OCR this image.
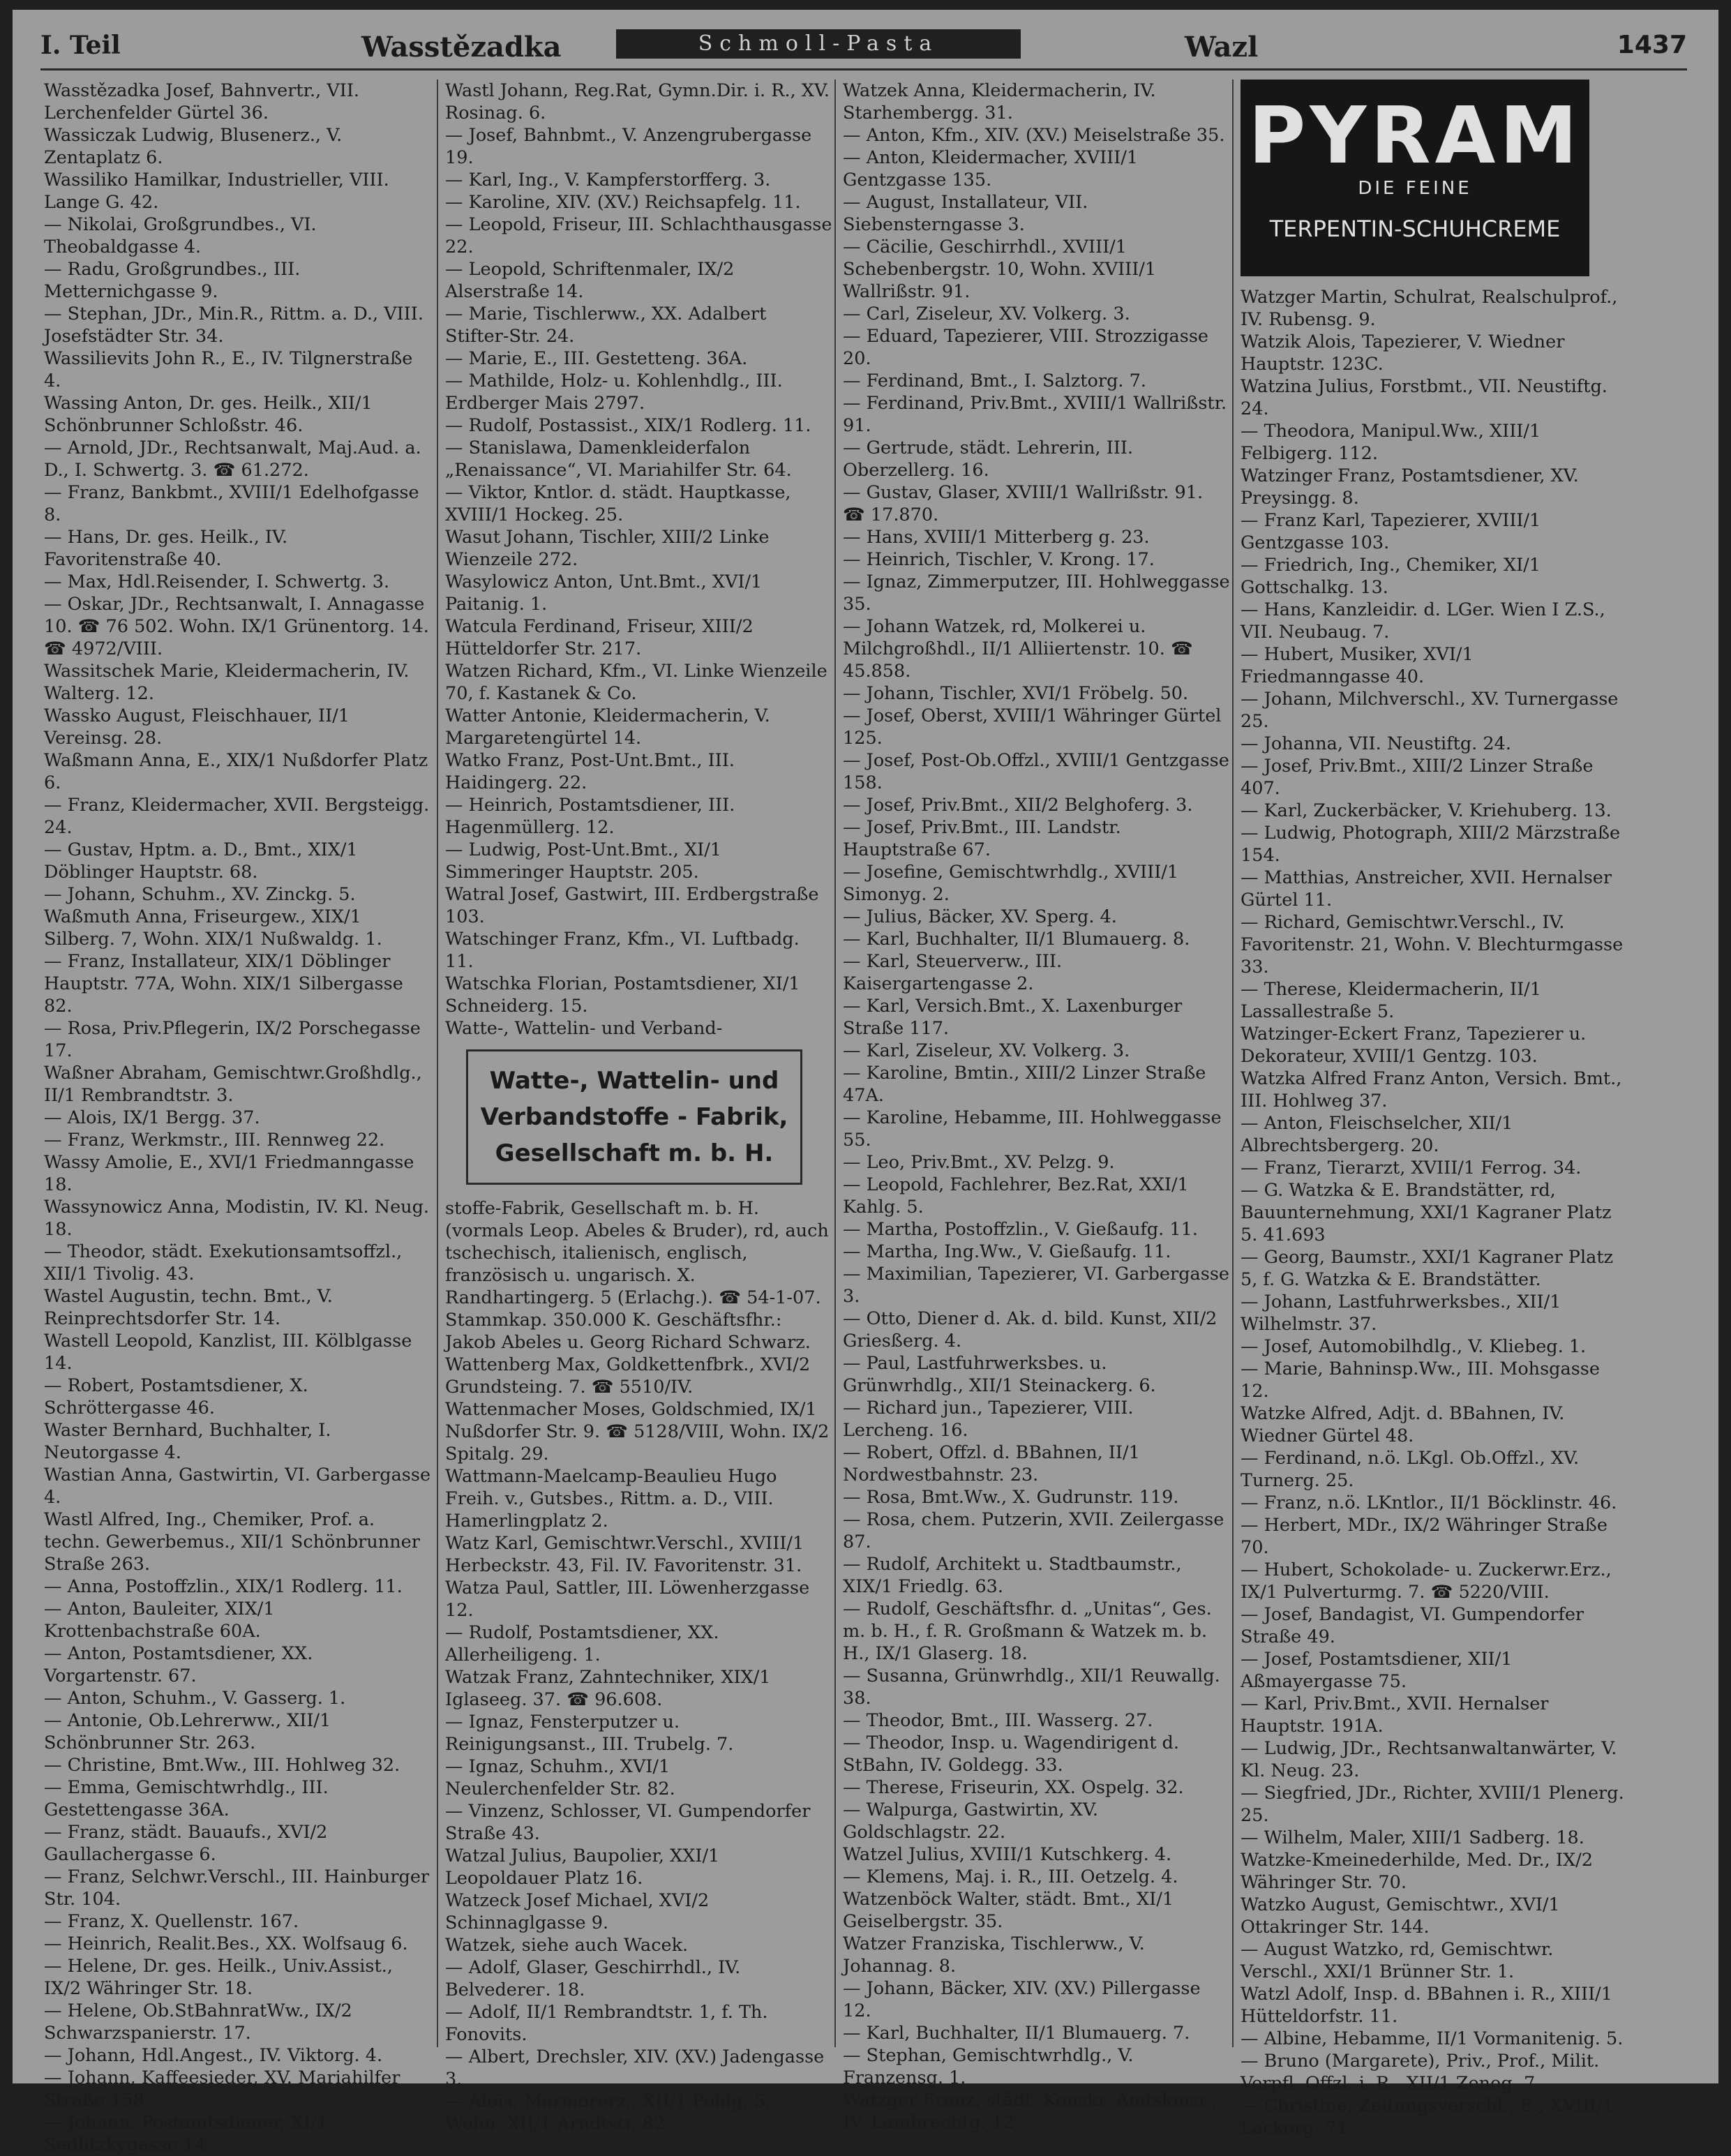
I. Teil	Wasstězadka	Schmoll-Pasta	Wazl	1437
Wasstězadka Josef, Bahnvertr., VII. Lerchenfelder Gürtel 36.
Wassiczak Ludwig, Blusenerz., V. Zentaplatz 6.
Wassiliko Hamilkar, Industrieller, VIII. Lange G. 42.
— Nikolai, Großgrundbes., VI. Theobaldgasse 4.
— Radu, Großgrundbes., III. Metternichgasse 9.
— Stephan, JDr., Min.R., Rittm. a. D., VIII. Josefstädter Str. 34.
Wassilievits John R., E., IV. Tilgnerstraße 4.
Wassing Anton, Dr. ges. Heilk., XII/1 Schönbrunner Schloßstr. 46.
— Arnold, JDr., Rechtsanwalt, Maj.Aud. a. D., I. Schwertg. 3. ☎ 61.272.
— Franz, Bankbmt., XVIII/1 Edelhofgasse 8.
— Hans, Dr. ges. Heilk., IV. Favoritenstraße 40.
— Max, Hdl.Reisender, I. Schwertg. 3.
— Oskar, JDr., Rechtsanwalt, I. Annagasse 10. ☎ 76 502. Wohn. IX/1 Grünentorg. 14. ☎ 4972/VIII.
Wassitschek Marie, Kleidermacherin, IV. Walterg. 12.
Wassko August, Fleischhauer, II/1 Vereinsg. 28.
Waßmann Anna, E., XIX/1 Nußdorfer Platz 6.
— Franz, Kleidermacher, XVII. Bergsteigg. 24.
— Gustav, Hptm. a. D., Bmt., XIX/1 Döblinger Hauptstr. 68.
— Johann, Schuhm., XV. Zinckg. 5.
Waßmuth Anna, Friseurgew., XIX/1 Silberg. 7, Wohn. XIX/1 Nußwaldg. 1.
— Franz, Installateur, XIX/1 Döblinger Hauptstr. 77A, Wohn. XIX/1 Silbergasse 82.
— Rosa, Priv.Pflegerin, IX/2 Porschegasse 17.
Waßner Abraham, Gemischtwr.Großhdlg., II/1 Rembrandtstr. 3.
— Alois, IX/1 Bergg. 37.
— Franz, Werkmstr., III. Rennweg 22.
Wassy Amolie, E., XVI/1 Friedmanngasse 18.
Wassynowicz Anna, Modistin, IV. Kl. Neug. 18.
— Theodor, städt. Exekutionsamtsoffzl., XII/1 Tivolig. 43.
Wastel Augustin, techn. Bmt., V. Reinprechtsdorfer Str. 14.
Wastell Leopold, Kanzlist, III. Kölblgasse 14.
— Robert, Postamtsdiener, X. Schröttergasse 46.
Waster Bernhard, Buchhalter, I. Neutorgasse 4.
Wastian Anna, Gastwirtin, VI. Garbergasse 4.
Wastl Alfred, Ing., Chemiker, Prof. a. techn. Gewerbemus., XII/1 Schönbrunner Straße 263.
— Anna, Postoffzlin., XIX/1 Rodlerg. 11.
— Anton, Bauleiter, XIX/1 Krottenbachstraße 60A.
— Anton, Postamtsdiener, XX. Vorgartenstr. 67.
— Anton, Schuhm., V. Gasserg. 1.
— Antonie, Ob.Lehrerww., XII/1 Schönbrunner Str. 263.
— Christine, Bmt.Ww., III. Hohlweg 32.
— Emma, Gemischtwrhdlg., III. Gestettengasse 36A.
— Franz, städt. Bauaufs., XVI/2 Gaullachergasse 6.
— Franz, Selchwr.Verschl., III. Hainburger Str. 104.
— Franz, X. Quellenstr. 167.
— Heinrich, Realit.Bes., XX. Wolfsaug 6.
— Helene, Dr. ges. Heilk., Univ.Assist., IX/2 Währinger Str. 18.
— Helene, Ob.StBahnratWw., IX/2 Schwarzspanierstr. 17.
— Johann, Hdl.Angest., IV. Viktorg. 4.
— Johann, Kaffeesieder, XV. Mariahilfer Straße 158.
— Johann, Postamtsdiener, XI/1 Sedlitzkygasse 14.
Wastl Johann, Reg.Rat, Gymn.Dir. i. R., XV. Rosinag. 6.
— Josef, Bahnbmt., V. Anzengrubergasse 19.
— Karl, Ing., V. Kampferstorfferg. 3.
— Karoline, XIV. (XV.) Reichsapfelg. 11.
— Leopold, Friseur, III. Schlachthausgasse 22.
— Leopold, Schriftenmaler, IX/2 Alserstraße 14.
— Marie, Tischlerww., XX. Adalbert Stifter-Str. 24.
— Marie, E., III. Gestetteng. 36A.
— Mathilde, Holz- u. Kohlenhdlg., III. Erdberger Mais 2797.
— Rudolf, Postassist., XIX/1 Rodlerg. 11.
— Stanislawa, Damenkleiderfalon „Renaissance“, VI. Mariahilfer Str. 64.
— Viktor, Kntlor. d. städt. Hauptkasse, XVIII/1 Hockeg. 25.
Wasut Johann, Tischler, XIII/2 Linke Wienzeile 272.
Wasylowicz Anton, Unt.Bmt., XVI/1 Paitanig. 1.
Watcula Ferdinand, Friseur, XIII/2 Hütteldorfer Str. 217.
Watzen Richard, Kfm., VI. Linke Wienzeile 70, f. Kastanek & Co.
Watter Antonie, Kleidermacherin, V. Margaretengürtel 14.
Watko Franz, Post-Unt.Bmt., III. Haidingerg. 22.
— Heinrich, Postamtsdiener, III. Hagenmüllerg. 12.
— Ludwig, Post-Unt.Bmt., XI/1 Simmeringer Hauptstr. 205.
Watral Josef, Gastwirt, III. Erdbergstraße 103.
Watschinger Franz, Kfm., VI. Luftbadg. 11.
Watschka Florian, Postamtsdiener, XI/1 Schneiderg. 15.
Watte-, Wattelin- und Verband-
Watte-, Wattelin- und
Verbandstoffe - Fabrik,
Gesellschaft m. b. H.
stoffe-Fabrik, Gesellschaft m. b. H. (vormals Leop. Abeles & Bruder), rd, auch tschechisch, italienisch, englisch, französisch u. ungarisch. X. Randhartingerg. 5 (Erlachg.). ☎ 54-1-07. Stammkap. 350.000 K. Geschäftsfhr.: Jakob Abeles u. Georg Richard Schwarz.
Wattenberg Max, Goldkettenfbrk., XVI/2 Grundsteing. 7. ☎ 5510/IV.
Wattenmacher Moses, Goldschmied, IX/1 Nußdorfer Str. 9. ☎ 5128/VIII, Wohn. IX/2 Spitalg. 29.
Wattmann-Maelcamp-Beaulieu Hugo Freih. v., Gutsbes., Rittm. a. D., VIII. Hamerlingplatz 2.
Watz Karl, Gemischtwr.Verschl., XVIII/1 Herbeckstr. 43, Fil. IV. Favoritenstr. 31.
Watza Paul, Sattler, III. Löwenherzgasse 12.
— Rudolf, Postamtsdiener, XX. Allerheiligeng. 1.
Watzak Franz, Zahntechniker, XIX/1 Iglaseeg. 37. ☎ 96.608.
— Ignaz, Fensterputzer u. Reinigungsanst., III. Trubelg. 7.
— Ignaz, Schuhm., XVI/1 Neulerchenfelder Str. 82.
— Vinzenz, Schlosser, VI. Gumpendorfer Straße 43.
Watzal Julius, Baupolier, XXI/1 Leopoldauer Platz 16.
Watzeck Josef Michael, XVI/2 Schinnaglgasse 9.
Watzek, siehe auch Wacek.
— Adolf, Glaser, Geschirrhdl., IV. Belvederег. 18.
— Adolf, II/1 Rembrandtstr. 1, f. Th. Fonovits.
— Albert, Drechsler, XIV. (XV.) Jadengasse 3.
— Alois, Marmorerz., XII/1 Pohlg. 5, Wohn. XII/1 Arndtstr. 82.
Watzek Anna, Kleidermacherin, IV. Starhembergg. 31.
— Anton, Kfm., XIV. (XV.) Meiselstraße 35.
— Anton, Kleidermacher, XVIII/1 Gentzgasse 135.
— August, Installateur, VII. Siebensterngasse 3.
— Cäcilie, Geschirrhdl., XVIII/1 Schebenbergstr. 10, Wohn. XVIII/1 Wallrißstr. 91.
— Carl, Ziseleur, XV. Volkerg. 3.
— Eduard, Tapezierer, VIII. Strozzigasse 20.
— Ferdinand, Bmt., I. Salztorg. 7.
— Ferdinand, Priv.Bmt., XVIII/1 Wallrißstr. 91.
— Gertrude, städt. Lehrerin, III. Oberzellerg. 16.
— Gustav, Glaser, XVIII/1 Wallrißstr. 91. ☎ 17.870.
— Hans, XVIII/1 Mitterberg g. 23.
— Heinrich, Tischler, V. Krong. 17.
— Ignaz, Zimmerputzer, III. Hohlweggasse 35.
— Johann Watzek, rd, Molkerei u. Milchgroßhdl., II/1 Alliiertenstr. 10. ☎ 45.858.
— Johann, Tischler, XVI/1 Fröbelg. 50.
— Josef, Oberst, XVIII/1 Währinger Gürtel 125.
— Josef, Post-Ob.Offzl., XVIII/1 Gentzgasse 158.
— Josef, Priv.Bmt., XII/2 Belghoferg. 3.
— Josef, Priv.Bmt., III. Landstr. Hauptstraße 67.
— Josefine, Gemischtwrhdlg., XVIII/1 Simonyg. 2.
— Julius, Bäcker, XV. Sperg. 4.
— Karl, Buchhalter, II/1 Blumauerg. 8.
— Karl, Steuerverw., III. Kaisergartengasse 2.
— Karl, Versich.Bmt., X. Laxenburger Straße 117.
— Karl, Ziseleur, XV. Volkerg. 3.
— Karoline, Bmtin., XIII/2 Linzer Straße 47A.
— Karoline, Hebamme, III. Hohlweggasse 55.
— Leo, Priv.Bmt., XV. Pelzg. 9.
— Leopold, Fachlehrer, Bez.Rat, XXI/1 Kahlg. 5.
— Martha, Postoffzlin., V. Gießaufg. 11.
— Martha, Ing.Ww., V. Gießaufg. 11.
— Maximilian, Tapezierer, VI. Garbergasse 3.
— Otto, Diener d. Ak. d. bild. Kunst, XII/2 Griesßerg. 4.
— Paul, Lastfuhrwerksbes. u. Grünwrhdlg., XII/1 Steinackerg. 6.
— Richard jun., Tapezierer, VIII. Lercheng. 16.
— Robert, Offzl. d. BBahnen, II/1 Nordwestbahnstr. 23.
— Rosa, Bmt.Ww., X. Gudrunstr. 119.
— Rosa, chem. Putzerin, XVII. Zeilergasse 87.
— Rudolf, Architekt u. Stadtbaumstr., XIX/1 Friedlg. 63.
— Rudolf, Geschäftsfhr. d. „Unitas“, Ges. m. b. H., f. R. Großmann & Watzek m. b. H., IX/1 Glaserg. 18.
— Susanna, Grünwrhdlg., XII/1 Reuwallg. 38.
— Theodor, Bmt., III. Wasserg. 27.
— Theodor, Insp. u. Wagendirigent d. StBahn, IV. Goldegg. 33.
— Therese, Friseurin, XX. Ospelg. 32.
— Walpurga, Gastwirtin, XV. Goldschlagstr. 22.
Watzel Julius, XVIII/1 Kutschkerg. 4.
— Klemens, Maj. i. R., III. Oetzelg. 4.
Watzenböck Walter, städt. Bmt., XI/1 Geiselbergstr. 35.
Watzer Franziska, Tischlerww., V. Johannag. 8.
— Johann, Bäcker, XIV. (XV.) Pillergasse 12.
— Karl, Buchhalter, II/1 Blumauerg. 7.
— Stephan, Gemischtwrhdlg., V. Franzensg. 1.
Watzger Franz, städt. Konskr. Amtskmsr., IV. Lambrechtg. 12.
PYRAM
DIE FEINE
TERPENTIN-SCHUHCREME
Watzger Martin, Schulrat, Realschulprof., IV. Rubensg. 9.
Watzik Alois, Tapezierer, V. Wiedner Hauptstr. 123C.
Watzina Julius, Forstbmt., VII. Neustiftg. 24.
— Theodora, Manipul.Ww., XIII/1 Felbigerg. 112.
Watzinger Franz, Postamtsdiener, XV. Preysingg. 8.
— Franz Karl, Tapezierer, XVIII/1 Gentzgasse 103.
— Friedrich, Ing., Chemiker, XI/1 Gottschalkg. 13.
— Hans, Kanzleidir. d. LGer. Wien I Z.S., VII. Neubaug. 7.
— Hubert, Musiker, XVI/1 Friedmanngasse 40.
— Johann, Milchverschl., XV. Turnergasse 25.
— Johanna, VII. Neustiftg. 24.
— Josef, Priv.Bmt., XIII/2 Linzer Straße 407.
— Karl, Zuckerbäcker, V. Kriehuberg. 13.
— Ludwig, Photograph, XIII/2 Märzstraße 154.
— Matthias, Anstreicher, XVII. Hernalser Gürtel 11.
— Richard, Gemischtwr.Verschl., IV. Favoritenstr. 21, Wohn. V. Blechturmgasse 33.
— Therese, Kleidermacherin, II/1 Lassallestraße 5.
Watzinger-Eckert Franz, Tapezierer u. Dekorateur, XVIII/1 Gentzg. 103.
Watzka Alfred Franz Anton, Versich. Bmt., III. Hohlweg 37.
— Anton, Fleischselcher, XII/1 Albrechtsbergerg. 20.
— Franz, Tierarzt, XVIII/1 Ferrog. 34.
— G. Watzka & E. Brandstätter, rd, Bauunternehmung, XXI/1 Kagraner Platz 5. 41.693
— Georg, Baumstr., XXI/1 Kagraner Platz 5, f. G. Watzka & E. Brandstätter.
— Johann, Lastfuhrwerksbes., XII/1 Wilhelmstr. 37.
— Josef, Automobilhdlg., V. Kliebeg. 1.
— Marie, Bahninsp.Ww., III. Mohsgasse 12.
Watzke Alfred, Adjt. d. BBahnen, IV. Wiedner Gürtel 48.
— Ferdinand, n.ö. LKgl. Ob.Offzl., XV. Turnerg. 25.
— Franz, n.ö. LKntlor., II/1 Böcklinstr. 46.
— Herbert, MDr., IX/2 Währinger Straße 70.
— Hubert, Schokolade- u. Zuckerwr.Erz., IX/1 Pulverturmg. 7. ☎ 5220/VIII.
— Josef, Bandagist, VI. Gumpendorfer Straße 49.
— Josef, Postamtsdiener, XII/1 Aßmayergasse 75.
— Karl, Priv.Bmt., XVII. Hernalser Hauptstr. 191A.
— Ludwig, JDr., Rechtsanwaltanwärter, V. Kl. Neug. 23.
— Siegfried, JDr., Richter, XVIII/1 Plenerg. 25.
— Wilhelm, Maler, XIII/1 Sadberg. 18.
Watzke-Kmeinederhilde, Med. Dr., IX/2 Währinger Str. 70.
Watzko August, Gemischtwr., XVI/1 Ottakringer Str. 144.
— August Watzko, rd, Gemischtwr. Verschl., XXI/1 Brünner Str. 1.
Watzl Adolf, Insp. d. BBahnen i. R., XIII/1 Hütteldorfstr. 11.
— Albine, Hebamme, II/1 Vormanitenig. 5.
— Bruno (Margarete), Priv., Prof., Milit. Verpfl. Offzl. i. R., XII/1 Zenog. 7.
— Christine, Zeitungsverschl., E., XVIII/1 Lackerg. 71.
